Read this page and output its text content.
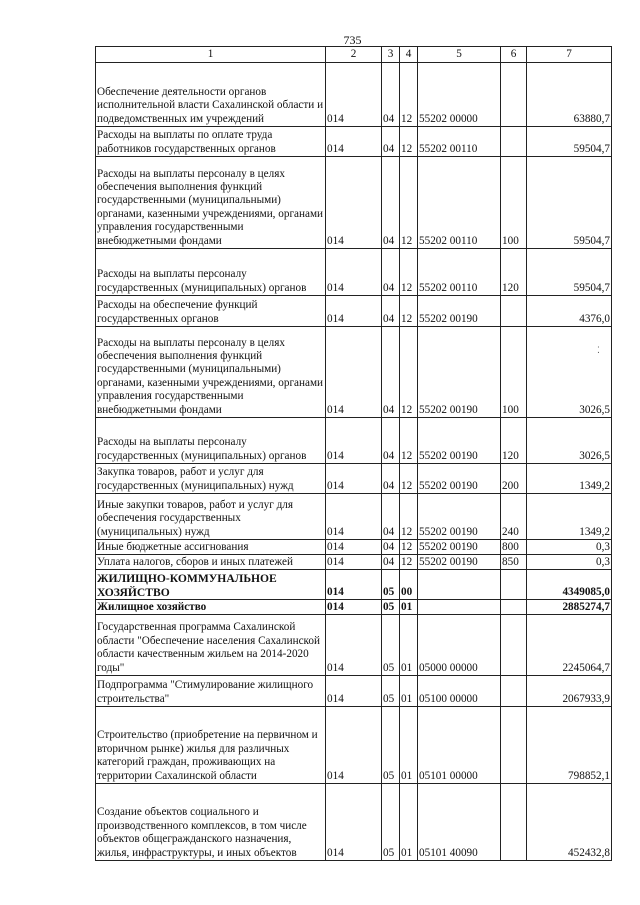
735
1	2	3	4	5	6	7
Обеспечение деятельности органов исполнительной власти Сахалинской области и подведомственных им учреждений	014	04	12	55202 00000		63880,7
Расходы на выплаты по оплате труда работников государственных органов	014	04	12	55202 00110		59504,7
Расходы на выплаты персоналу в целях обеспечения выполнения функций государственными (муниципальными) органами, казенными учреждениями, органами управления государственными внебюджетными фондами	014	04	12	55202 00110	100	59504,7
Расходы на выплаты персоналу государственных (муниципальных) органов	014	04	12	55202 00110	120	59504,7
Расходы на обеспечение функций государственных органов	014	04	12	55202 00190		4376,0
Расходы на выплаты персоналу в целях обеспечения выполнения функций государственными (муниципальными) органами, казенными учреждениями, органами управления государственными внебюджетными фондами	014	04	12	55202 00190	100	3026,5
Расходы на выплаты персоналу государственных (муниципальных) органов	014	04	12	55202 00190	120	3026,5
Закупка товаров, работ и услуг для государственных (муниципальных) нужд	014	04	12	55202 00190	200	1349,2
Иные закупки товаров, работ и услуг для обеспечения государственных (муниципальных) нужд	014	04	12	55202 00190	240	1349,2
Иные бюджетные ассигнования	014	04	12	55202 00190	800	0,3
Уплата налогов, сборов и иных платежей	014	04	12	55202 00190	850	0,3
ЖИЛИЩНО-КОММУНАЛЬНОЕ ХОЗЯЙСТВО	014	05	00			4349085,0
Жилищное хозяйство	014	05	01			2885274,7
Государственная программа Сахалинской области "Обеспечение населения Сахалинской области качественным жильем на 2014-2020 годы"	014	05	01	05000 00000		2245064,7
Подпрограмма "Стимулирование жилищного строительства"	014	05	01	05100 00000		2067933,9
Строительство (приобретение на первичном и вторичном рынке) жилья для различных категорий граждан, проживающих на территории Сахалинской области	014	05	01	05101 00000		798852,1
Создание объектов социального и производственного комплексов, в том числе объектов общегражданского назначения, жилья, инфраструктуры, и иных объектов	014	05	01	05101 40090		452432,8
⁚
